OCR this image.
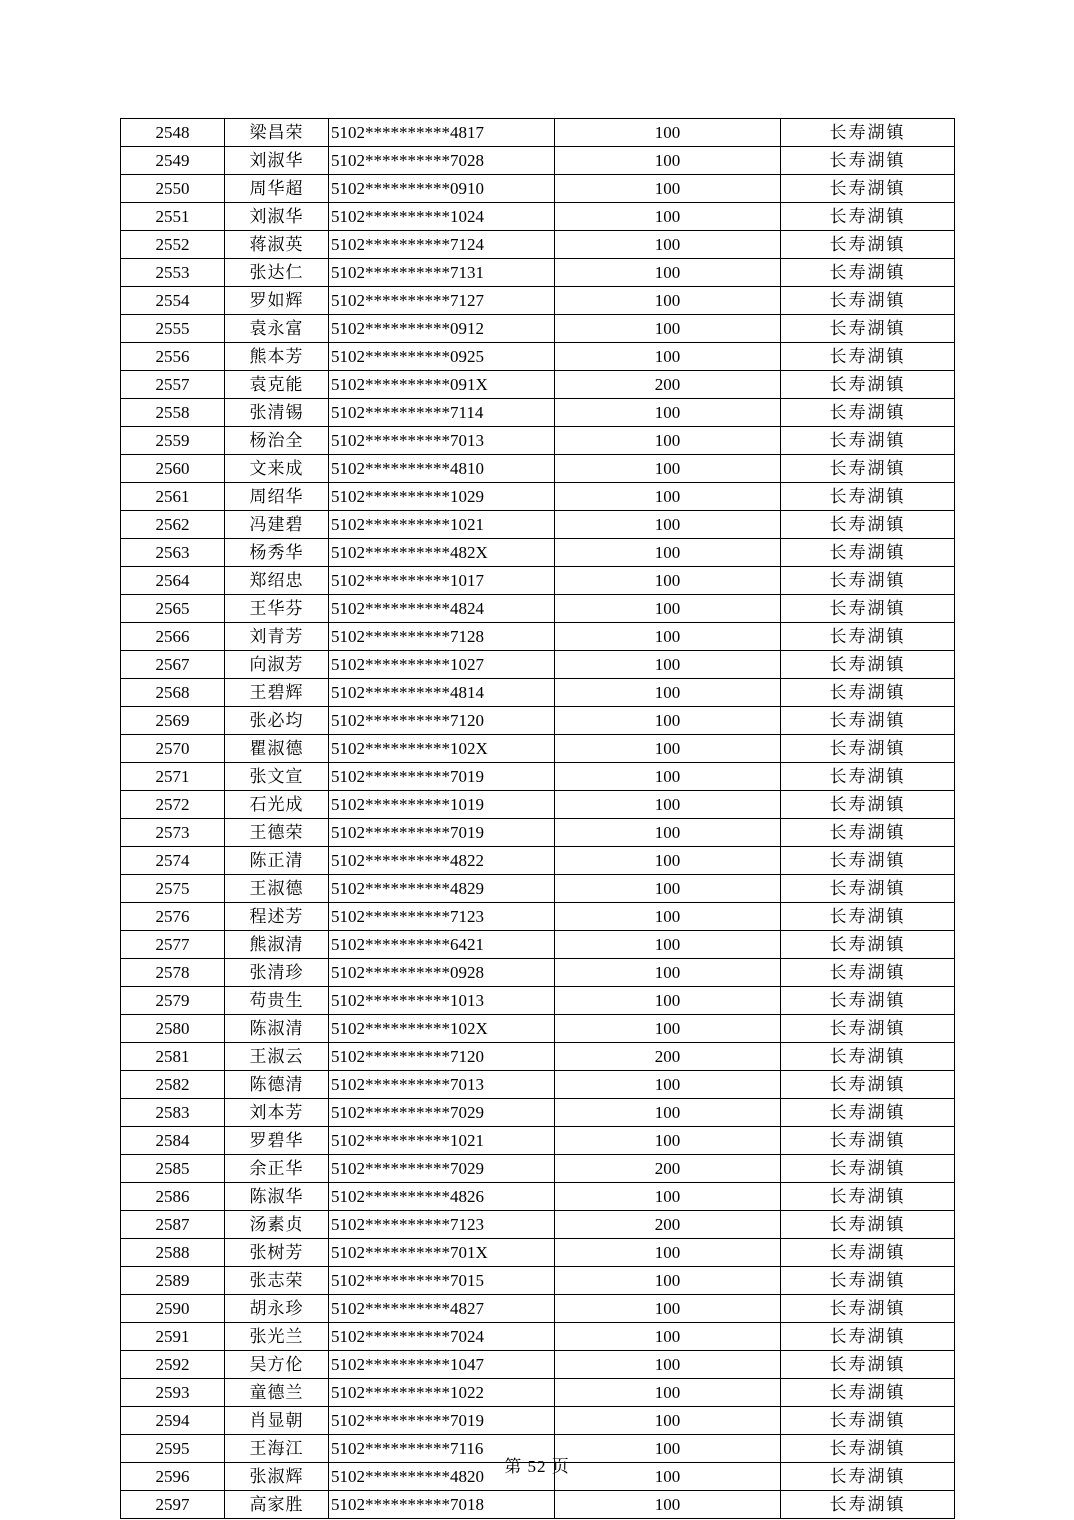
2548	梁昌荣	5102**********4817	100	长寿湖镇
2549	刘淑华	5102**********7028	100	长寿湖镇
2550	周华超	5102**********0910	100	长寿湖镇
2551	刘淑华	5102**********1024	100	长寿湖镇
2552	蒋淑英	5102**********7124	100	长寿湖镇
2553	张达仁	5102**********7131	100	长寿湖镇
2554	罗如辉	5102**********7127	100	长寿湖镇
2555	袁永富	5102**********0912	100	长寿湖镇
2556	熊本芳	5102**********0925	100	长寿湖镇
2557	袁克能	5102**********091X	200	长寿湖镇
2558	张清锡	5102**********7114	100	长寿湖镇
2559	杨治全	5102**********7013	100	长寿湖镇
2560	文来成	5102**********4810	100	长寿湖镇
2561	周绍华	5102**********1029	100	长寿湖镇
2562	冯建碧	5102**********1021	100	长寿湖镇
2563	杨秀华	5102**********482X	100	长寿湖镇
2564	郑绍忠	5102**********1017	100	长寿湖镇
2565	王华芬	5102**********4824	100	长寿湖镇
2566	刘青芳	5102**********7128	100	长寿湖镇
2567	向淑芳	5102**********1027	100	长寿湖镇
2568	王碧辉	5102**********4814	100	长寿湖镇
2569	张必均	5102**********7120	100	长寿湖镇
2570	瞿淑德	5102**********102X	100	长寿湖镇
2571	张文宣	5102**********7019	100	长寿湖镇
2572	石光成	5102**********1019	100	长寿湖镇
2573	王德荣	5102**********7019	100	长寿湖镇
2574	陈正清	5102**********4822	100	长寿湖镇
2575	王淑德	5102**********4829	100	长寿湖镇
2576	程述芳	5102**********7123	100	长寿湖镇
2577	熊淑清	5102**********6421	100	长寿湖镇
2578	张清珍	5102**********0928	100	长寿湖镇
2579	苟贵生	5102**********1013	100	长寿湖镇
2580	陈淑清	5102**********102X	100	长寿湖镇
2581	王淑云	5102**********7120	200	长寿湖镇
2582	陈德清	5102**********7013	100	长寿湖镇
2583	刘本芳	5102**********7029	100	长寿湖镇
2584	罗碧华	5102**********1021	100	长寿湖镇
2585	余正华	5102**********7029	200	长寿湖镇
2586	陈淑华	5102**********4826	100	长寿湖镇
2587	汤素贞	5102**********7123	200	长寿湖镇
2588	张树芳	5102**********701X	100	长寿湖镇
2589	张志荣	5102**********7015	100	长寿湖镇
2590	胡永珍	5102**********4827	100	长寿湖镇
2591	张光兰	5102**********7024	100	长寿湖镇
2592	吴方伦	5102**********1047	100	长寿湖镇
2593	童德兰	5102**********1022	100	长寿湖镇
2594	肖显朝	5102**********7019	100	长寿湖镇
2595	王海江	5102**********7116	100	长寿湖镇
2596	张淑辉	5102**********4820	100	长寿湖镇
2597	高家胜	5102**********7018	100	长寿湖镇
第 52 页
